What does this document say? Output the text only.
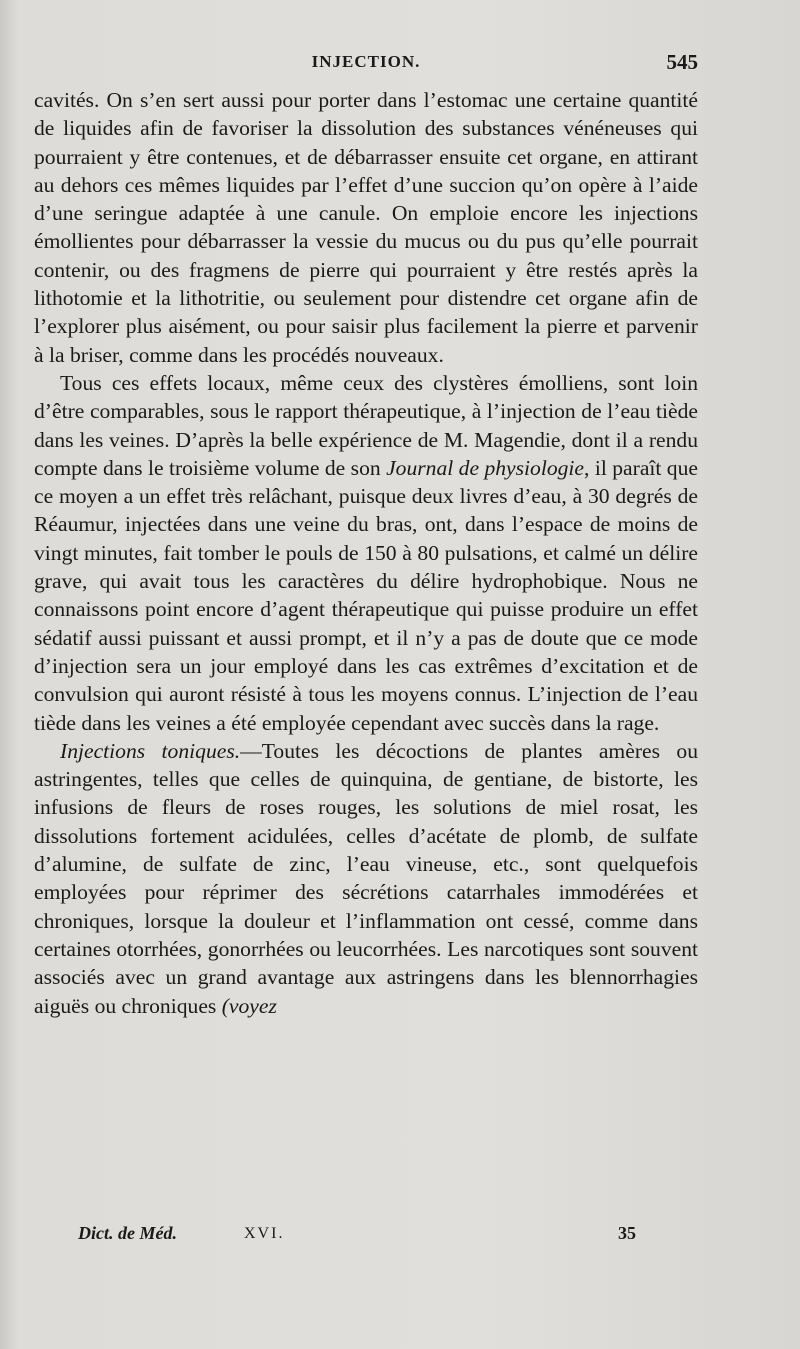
INJECTION.	545

cavités. On s’en sert aussi pour porter dans l’estomac une certaine quantité de liquides afin de favoriser la dissolution des substances vénéneuses qui pourraient y être contenues, et de débarrasser ensuite cet organe, en attirant au dehors ces mêmes liquides par l’effet d’une succion qu’on opère à l’aide d’une seringue adaptée à une canule. On emploie encore les injections émollientes pour débarrasser la vessie du mucus ou du pus qu’elle pourrait contenir, ou des fragmens de pierre qui pourraient y être restés après la lithotomie et la lithotritie, ou seulement pour distendre cet organe afin de l’explorer plus aisément, ou pour saisir plus facilement la pierre et parvenir à la briser, comme dans les procédés nouveaux.

Tous ces effets locaux, même ceux des clystères émolliens, sont loin d’être comparables, sous le rapport thérapeutique, à l’injection de l’eau tiède dans les veines. D’après la belle expérience de M. Magendie, dont il a rendu compte dans le troisième volume de son Journal de physiologie, il paraît que ce moyen a un effet très relâchant, puisque deux livres d’eau, à 30 degrés de Réaumur, injectées dans une veine du bras, ont, dans l’espace de moins de vingt minutes, fait tomber le pouls de 150 à 80 pulsations, et calmé un délire grave, qui avait tous les caractères du délire hydrophobique. Nous ne connaissons point encore d’agent thérapeutique qui puisse produire un effet sédatif aussi puissant et aussi prompt, et il n’y a pas de doute que ce mode d’injection sera un jour employé dans les cas extrêmes d’excitation et de convulsion qui auront résisté à tous les moyens connus. L’injection de l’eau tiède dans les veines a été employée cependant avec succès dans la rage.

Injections toniques.—Toutes les décoctions de plantes amères ou astringentes, telles que celles de quinquina, de gentiane, de bistorte, les infusions de fleurs de roses rouges, les solutions de miel rosat, les dissolutions fortement acidulées, celles d’acétate de plomb, de sulfate d’alumine, de sulfate de zinc, l’eau vineuse, etc., sont quelquefois employées pour réprimer des sécrétions catarrhales immodérées et chroniques, lorsque la douleur et l’inflammation ont cessé, comme dans certaines otorrhées, gonorrhées ou leucorrhées. Les narcotiques sont souvent associés avec un grand avantage aux astringens dans les blennorrhagies aiguës ou chroniques (voyez

Dict. de Méd.	XVI.	35
